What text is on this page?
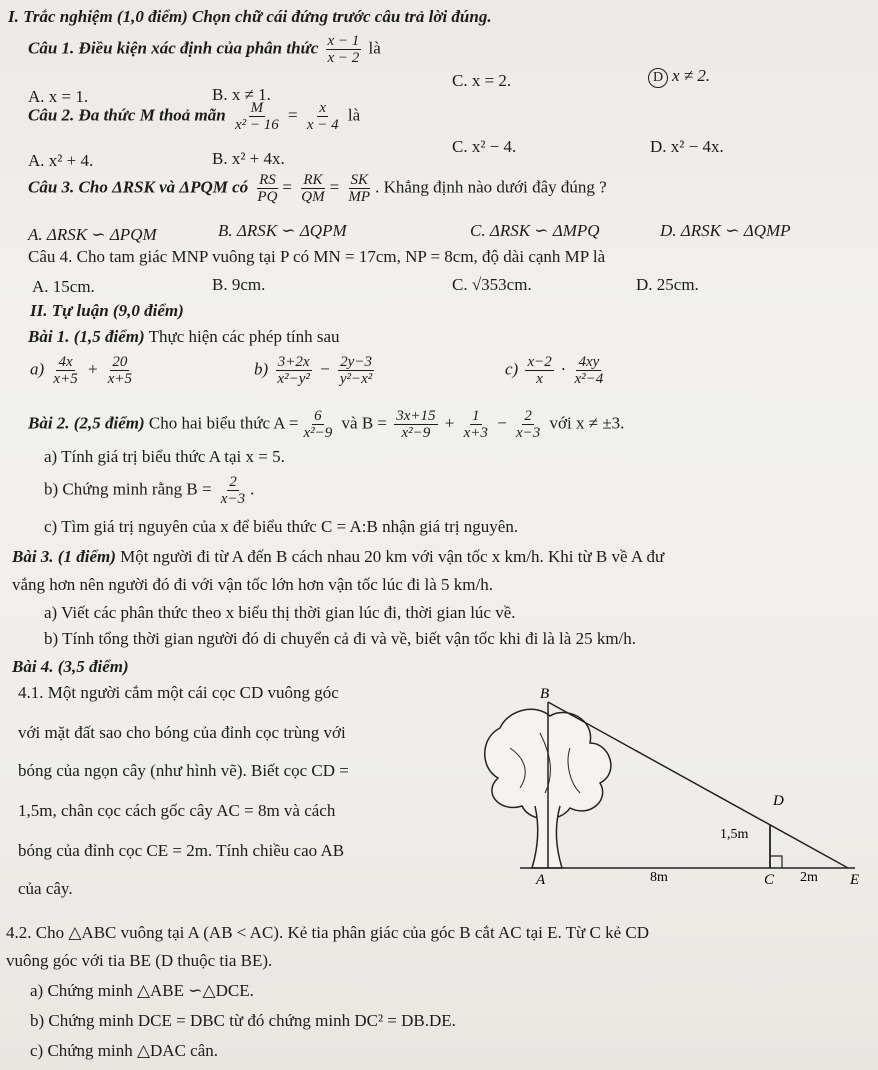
I. Trắc nghiệm (1,0 điểm) Chọn chữ cái đứng trước câu trả lời đúng.
Câu 1. Điều kiện xác định của phân thức $\frac{x - 1}{x - 2}$ là
A. x = 1.	B. x ≠ 1.
C. x = 2.	D x ≠ 2.
Câu 2. Đa thức M thoả mãn $\frac{M}{\text{x² − 16}} = \frac{x}{x - 4}$ là
A. x² + 4.	B. x² + 4x.
C. x² − 4.	D. x² − 4x.
Câu 3. Cho ΔRSK và ΔPQM có $\frac{RS}{PQ} = \frac{RK}{QM} = \frac{SK}{MP}$ . Khẳng định nào dưới đây đúng ?
A. ΔRSK ∽ ΔPQM	B. ΔRSK ∽ ΔQPM	C. ΔRSK ∽ ΔMPQ	D. ΔRSK ∽ ΔQMP
Câu 4. Cho tam giác MNP vuông tại P có MN = 17cm, NP = 8cm, độ dài cạnh MP là
A. 15cm.	B. 9cm.	C. √353cm.	D. 25cm.
II. Tự luận (9,0 điểm)
Bài 1. (1,5 điểm) Thực hiện các phép tính sau
$a) \frac{4x}{x+5} + \frac{20}{x+5}$	$b) \frac{3+2x}{\text{x²−y²}} - \frac{2y-3}{\text{y²−x²}}$	$c) \frac{x-2}{x} \cdot \frac{4xy}{\text{x²−4}}$
Bài 2. (2,5 điểm) Cho hai biểu thức $A = \frac{6}{\text{x²−9}}$ và $B = \frac{3x+15}{\text{x²−9}} + \frac{1}{x+3} - \frac{2}{x-3}$ với x ≠ ±3.
a) Tính giá trị biểu thức A tại x = 5.
b) Chứng minh rằng $B = \frac{2}{x-3}$ .
c) Tìm giá trị nguyên của x để biểu thức C = A:B nhận giá trị nguyên.
Bài 3. (1 điểm) Một người đi từ A đến B cách nhau 20 km với vận tốc x km/h. Khi từ B về A đư
vắng hơn nên người đó đi với vận tốc lớn hơn vận tốc lúc đi là 5 km/h.
a) Viết các phân thức theo x biểu thị thời gian lúc đi, thời gian lúc về.
b) Tính tổng thời gian người đó di chuyển cả đi và về, biết vận tốc khi đi là là 25 km/h.
Bài 4. (3,5 điểm)
4.1. Một người cắm một cái cọc CD vuông góc
với mặt đất sao cho bóng của đỉnh cọc trùng với
bóng của ngọn cây (như hình vẽ). Biết cọc CD =
1,5m, chân cọc cách gốc cây AC = 8m và cách
bóng của đỉnh cọc CE = 2m. Tính chiều cao AB
của cây.
4.2. Cho △ABC vuông tại A (AB < AC). Kẻ tia phân giác của góc B cắt AC tại E. Từ C kẻ CD
vuông góc với tia BE (D thuộc tia BE).
a) Chứng minh △ABE ∽△DCE.
b) Chứng minh DCE = DBC từ đó chứng minh DC² = DB.DE.
c) Chứng minh △DAC cân.
B
D
A	C	E
1,5m
8m	2m
